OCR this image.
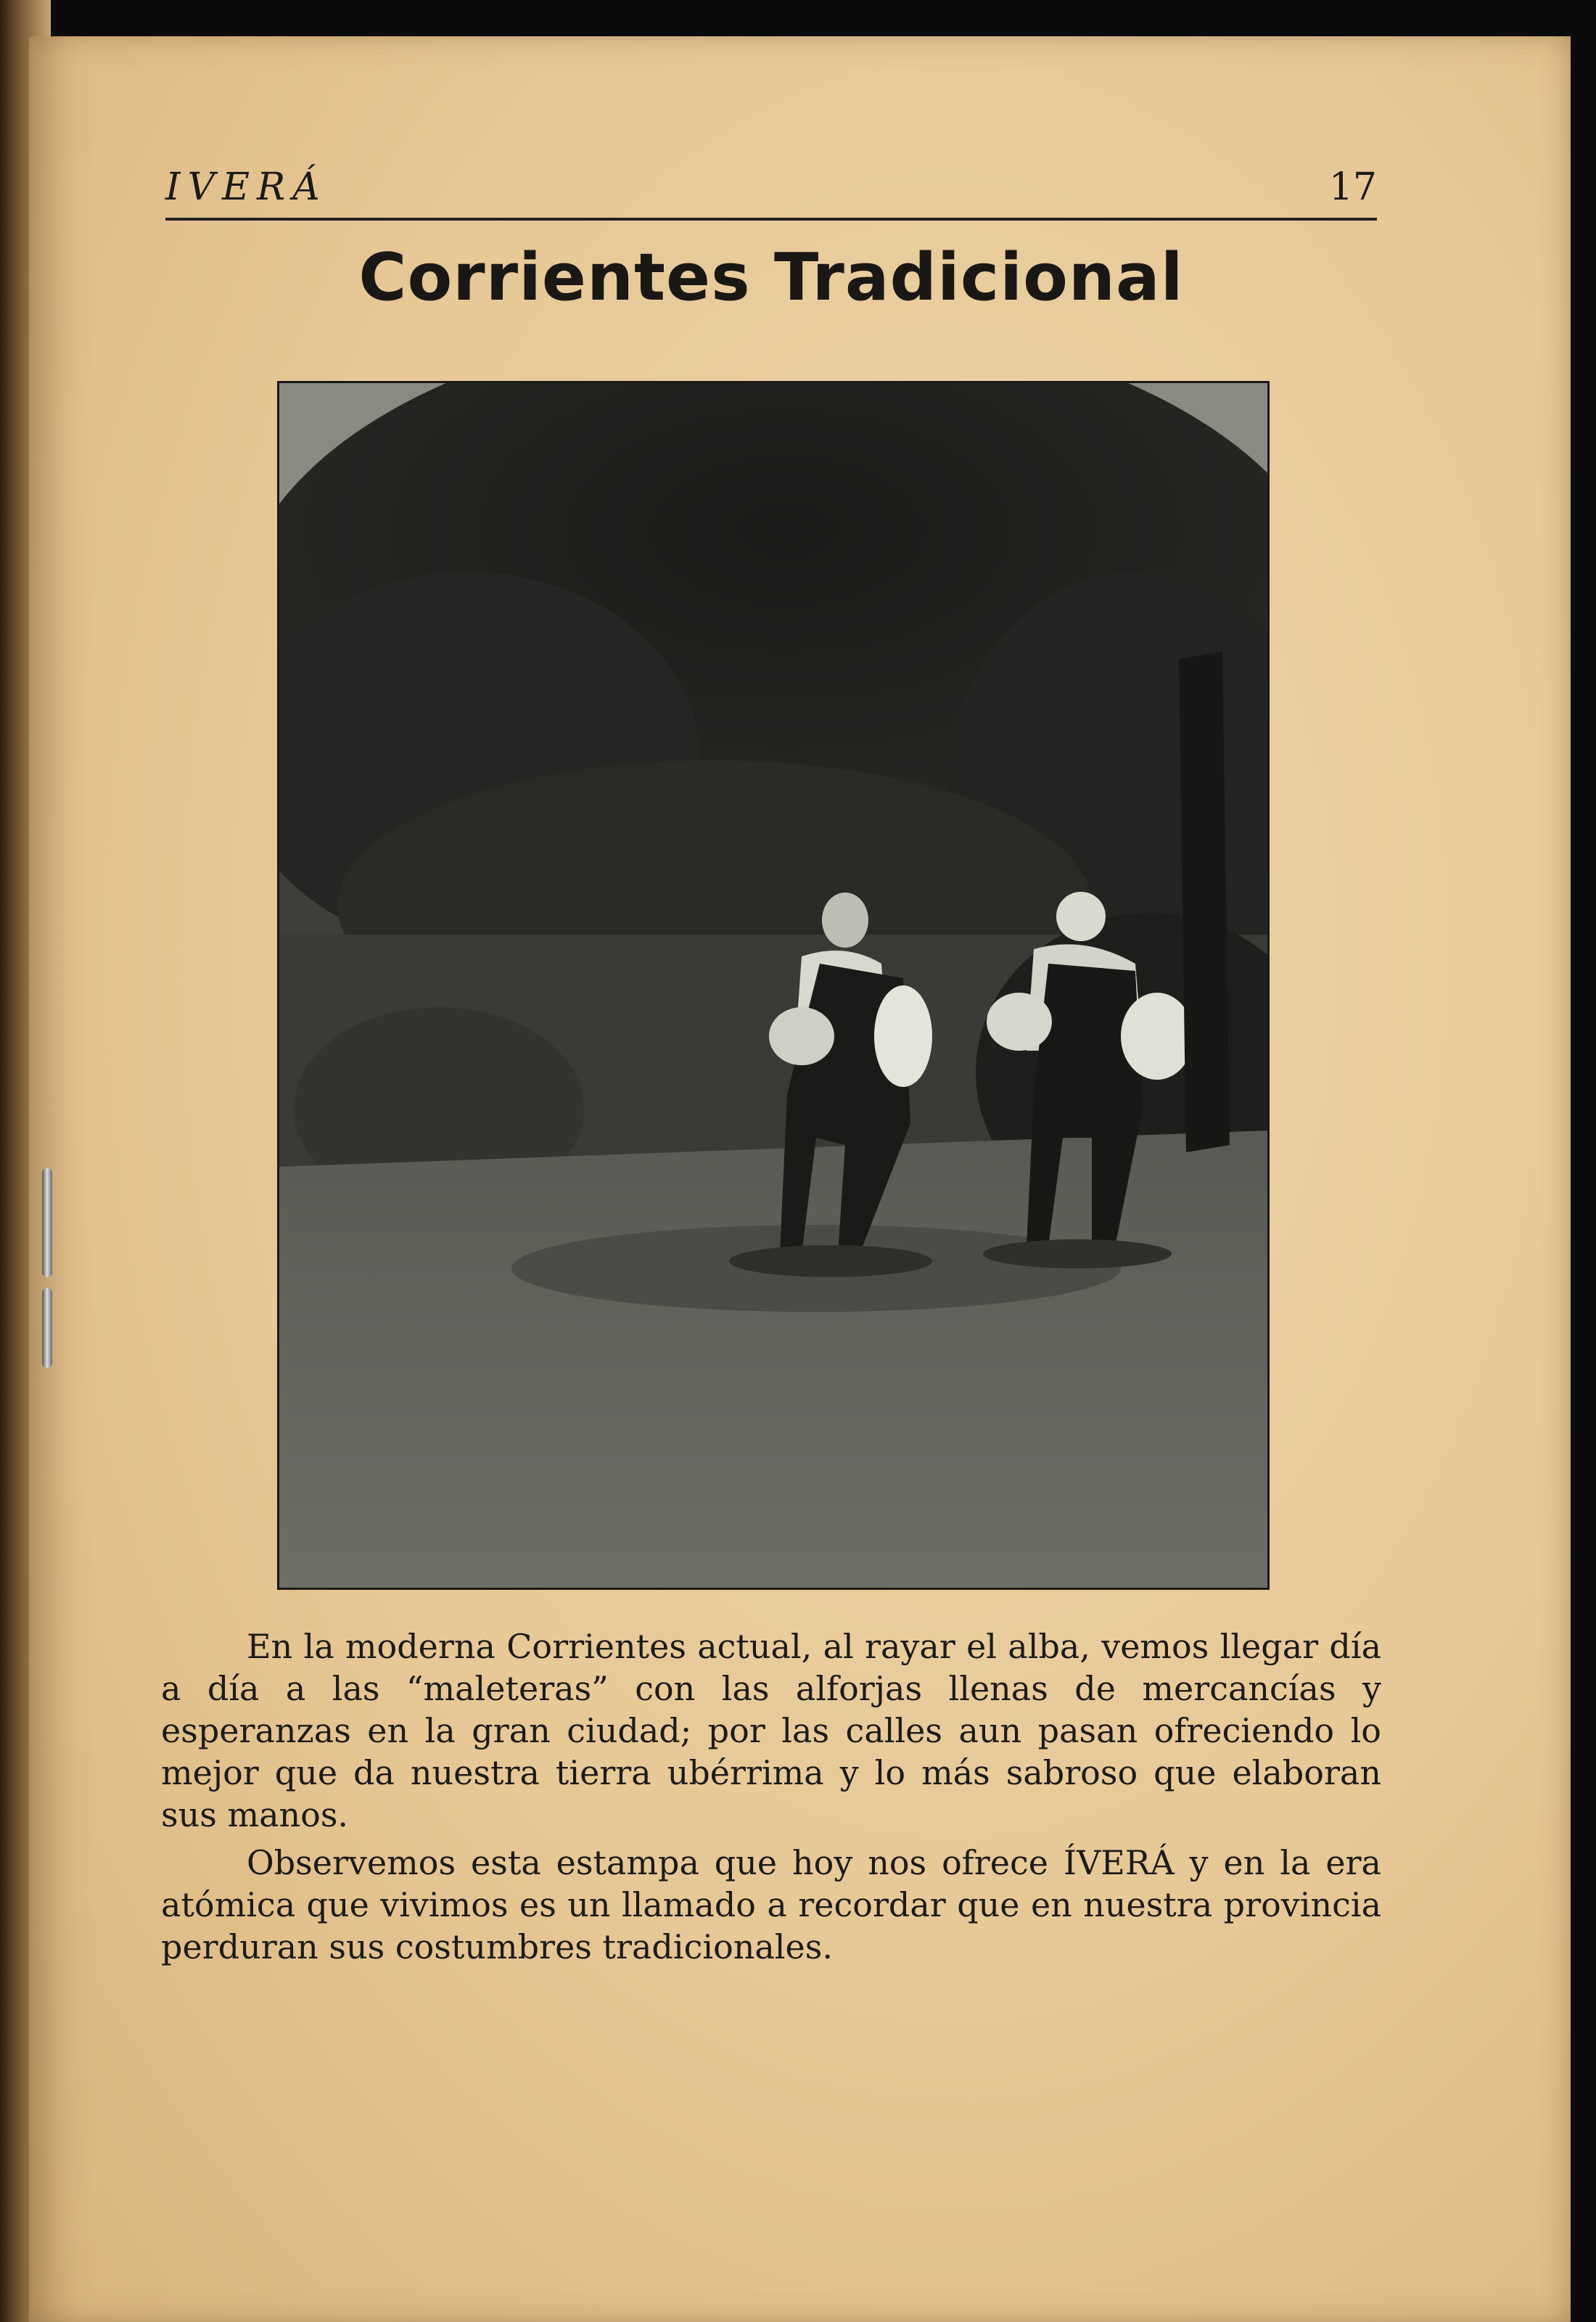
IVERÁ	17
Corrientes Tradicional

En la moderna Corrientes actual, al rayar el alba, vemos llegar día a día a las “maleteras” con las alforjas llenas de mercancías y esperanzas en la gran ciudad; por las calles aun pasan ofreciendo lo mejor que da nuestra tierra ubérrima y lo más sabroso que elaboran sus manos.

Observemos esta estampa que hoy nos ofrece ÍVERÁ y en la era atómica que vivimos es un llamado a recordar que en nuestra provincia perduran sus costumbres tradicionales.
